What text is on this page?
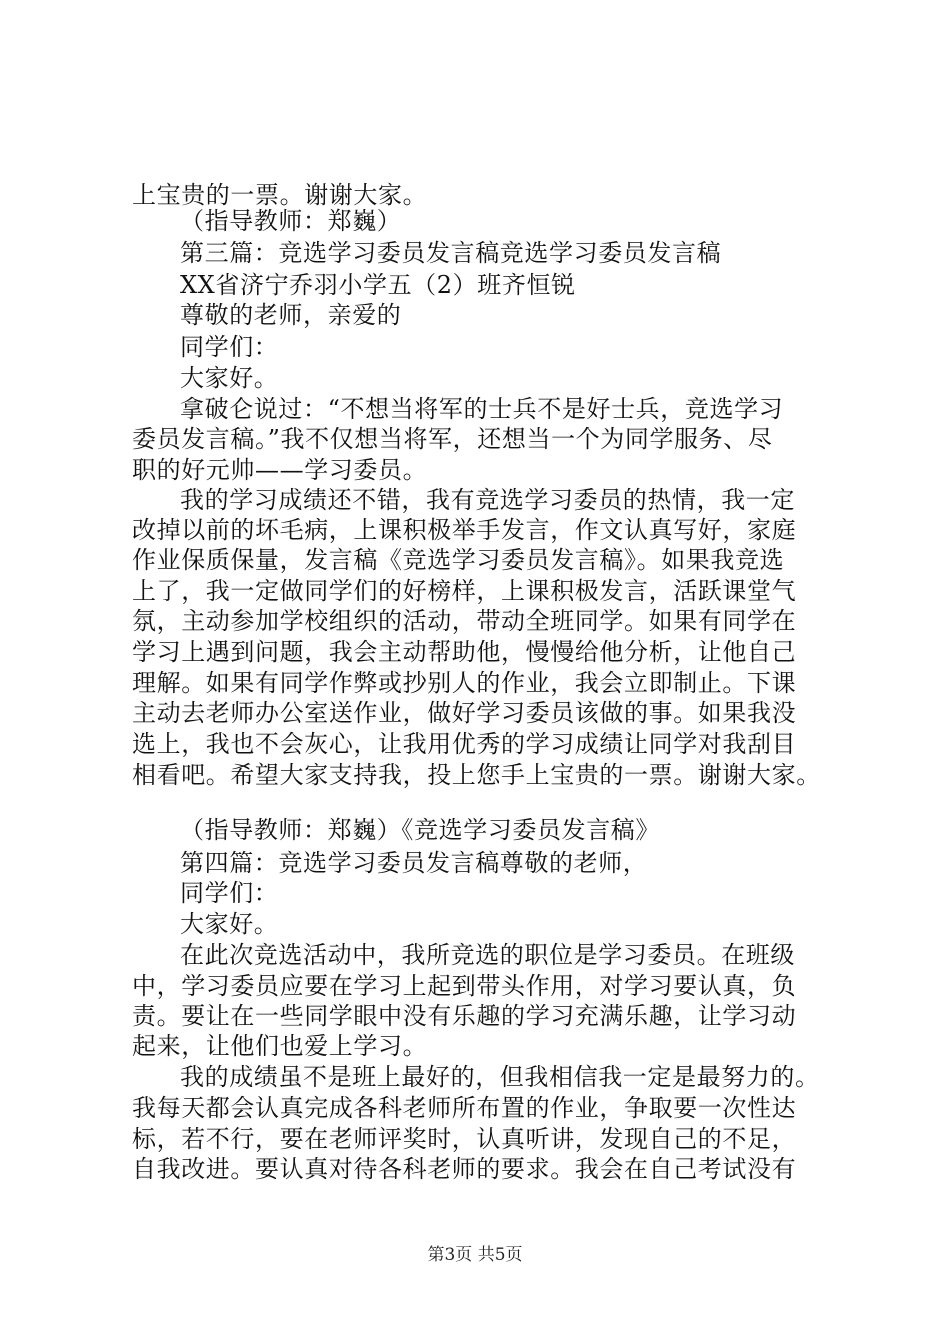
上宝贵的一票。谢谢大家。
（指导教师：郑巍）
第三篇：竞选学习委员发言稿竞选学习委员发言稿
XX省济宁乔羽小学五（2）班齐恒锐
尊敬的老师，亲爱的
同学们：
大家好。
拿破仑说过：“不想当将军的士兵不是好士兵，竞选学习
委员发言稿。”我不仅想当将军，还想当一个为同学服务、尽
职的好元帅——学习委员。
我的学习成绩还不错，我有竞选学习委员的热情，我一定
改掉以前的坏毛病，上课积极举手发言，作文认真写好，家庭
作业保质保量，发言稿《竞选学习委员发言稿》。如果我竞选
上了，我一定做同学们的好榜样，上课积极发言，活跃课堂气
氛，主动参加学校组织的活动，带动全班同学。如果有同学在
学习上遇到问题，我会主动帮助他，慢慢给他分析，让他自己
理解。如果有同学作弊或抄别人的作业，我会立即制止。下课
主动去老师办公室送作业，做好学习委员该做的事。如果我没
选上，我也不会灰心，让我用优秀的学习成绩让同学对我刮目
相看吧。希望大家支持我，投上您手上宝贵的一票。谢谢大家。
（指导教师：郑巍）《竞选学习委员发言稿》
第四篇：竞选学习委员发言稿尊敬的老师，
同学们：
大家好。
在此次竞选活动中，我所竞选的职位是学习委员。在班级
中，学习委员应要在学习上起到带头作用，对学习要认真，负
责。要让在一些同学眼中没有乐趣的学习充满乐趣，让学习动
起来，让他们也爱上学习。
我的成绩虽不是班上最好的，但我相信我一定是最努力的。
我每天都会认真完成各科老师所布置的作业，争取要一次性达
标，若不行，要在老师评奖时，认真听讲，发现自己的不足，
自我改进。要认真对待各科老师的要求。我会在自己考试没有
第3页 共5页
